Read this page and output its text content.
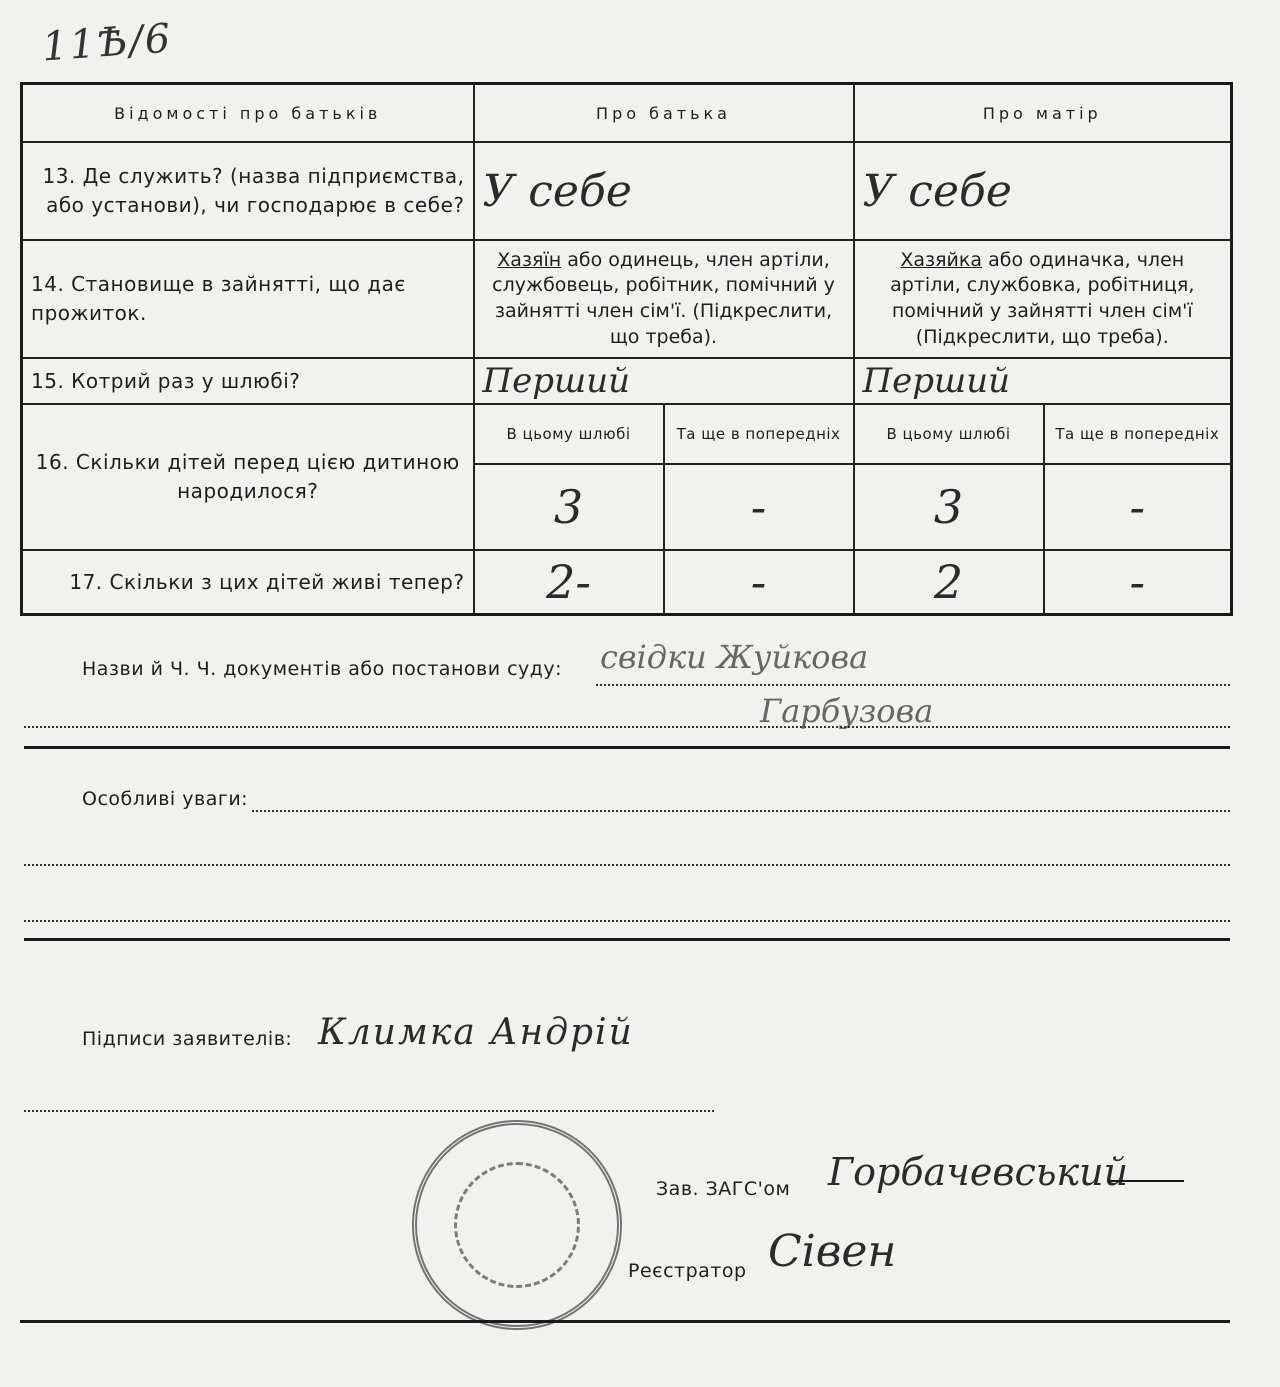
11Ѣ/6
Відомості про батьків	Про батька		Про матір	
13. Де служить? (назва підприємства, або установи), чи господарює в себе?	У себе		У себе	
14. Становище в зайнятті, що дає прожиток.	Хазяїн або одинець, член артіли, службовець, робітник, помічний у зайнятті член сім'ї. (Підкреслити, що треба).		Хазяйка або одиначка, член артіли, службовка, робітниця, помічний у зайнятті член сім'ї (Підкреслити, що треба).	
15. Котрий раз у шлюбі?	Перший		Перший	
16. Скільки дітей перед цією дитиною народилося?	В цьому шлюбі	Та ще в попередніх	В цьому шлюбі	Та ще в попередніх
	3	-	3	-
17. Скільки з цих дітей живі тепер?	2-	-	2	-
Назви й Ч. Ч. документів або постанови суду: свідки Жуйкова
Гарбузова
Особливі уваги:
Підписи заявителів: Климка Андрій
Зав. ЗАГС'ом Горбачевський
Реєстратор Сівен
